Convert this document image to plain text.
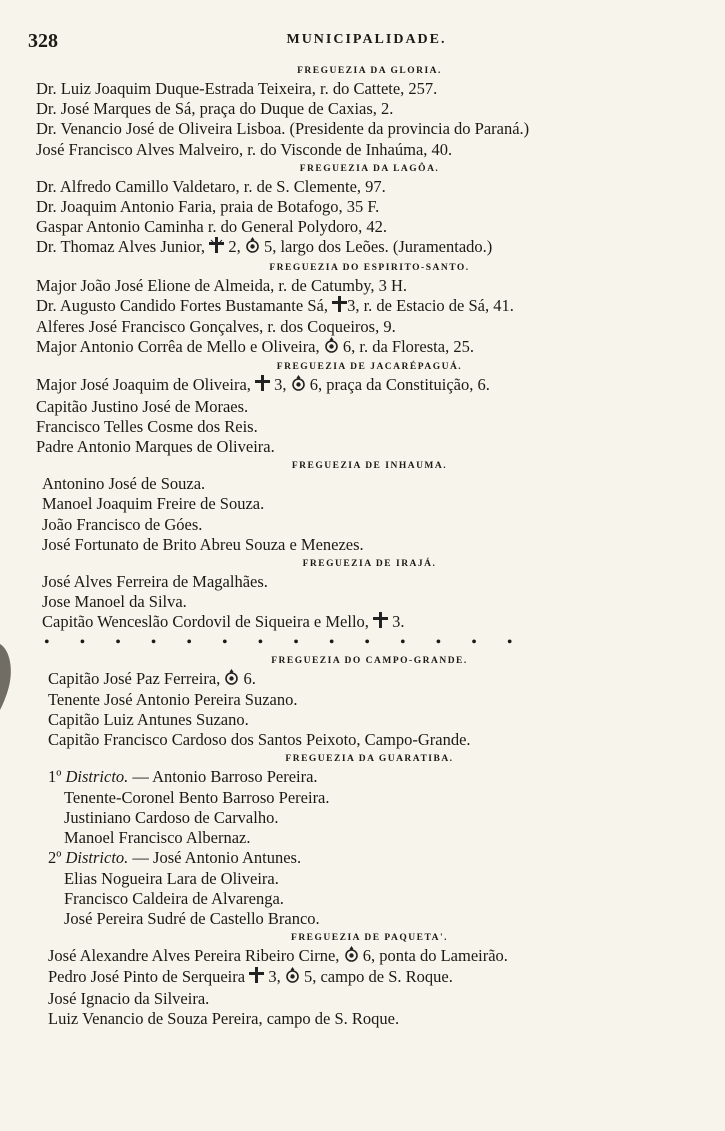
328	MUNICIPALIDADE.
FREGUEZIA DA GLORIA.
Dr. Luiz Joaquim Duque-Estrada Teixeira, r. do Cattete, 257.
Dr. José Marques de Sá, praça do Duque de Caxias, 2.
Dr. Venancio José de Oliveira Lisboa. (Presidente da provincia do Paraná.)
José Francisco Alves Malveiro, r. do Visconde de Inhaúma, 40.
FREGUEZIA DA LAGÔA.
Dr. Alfredo Camillo Valdetaro, r. de S. Clemente, 97.
Dr. Joaquim Antonio Faria, praia de Botafogo, 35 F.
Gaspar Antonio Caminha r. do General Polydoro, 42.
Dr. Thomaz Alves Junior,  2,  5, largo dos Leões. (Juramentado.)
FREGUEZIA DO ESPIRITO-SANTO.
Major João José Elione de Almeida, r. de Catumby, 3 H.
Dr. Augusto Candido Fortes Bustamante Sá, 3, r. de Estacio de Sá, 41.
Alferes José Francisco Gonçalves, r. dos Coqueiros, 9.
Major Antonio Corrêa de Mello e Oliveira,  6, r. da Floresta, 25.
FREGUEZIA DE JACARÉPAGUÁ.
Major José Joaquim de Oliveira,  3,  6, praça da Constituição, 6.
Capitão Justino José de Moraes.
Francisco Telles Cosme dos Reis.
Padre Antonio Marques de Oliveira.
FREGUEZIA DE INHAUMA.
Antonino José de Souza.
Manoel Joaquim Freire de Souza.
João Francisco de Góes.
José Fortunato de Brito Abreu Souza e Menezes.
FREGUEZIA DE IRAJÁ.
José Alves Ferreira de Magalhães.
Jose Manoel da Silva.
Capitão Wenceslão Cordovil de Siqueira e Mello,  3.
• • • • • • • • • • • • • •
FREGUEZIA DO CAMPO-GRANDE.
Capitão José Paz Ferreira,  6.
Tenente José Antonio Pereira Suzano.
Capitão Luiz Antunes Suzano.
Capitão Francisco Cardoso dos Santos Peixoto, Campo-Grande.
FREGUEZIA DA GUARATIBA.
1º Districto. — Antonio Barroso Pereira.
Tenente-Coronel Bento Barroso Pereira.
Justiniano Cardoso de Carvalho.
Manoel Francisco Albernaz.
2º Districto. — José Antonio Antunes.
Elias Nogueira Lara de Oliveira.
Francisco Caldeira de Alvarenga.
José Pereira Sudré de Castello Branco.
FREGUEZIA DE PAQUETA'.
José Alexandre Alves Pereira Ribeiro Cirne,  6, ponta do Lameirão.
Pedro José Pinto de Serqueira  3,  5, campo de S. Roque.
José Ignacio da Silveira.
Luiz Venancio de Souza Pereira, campo de S. Roque.
